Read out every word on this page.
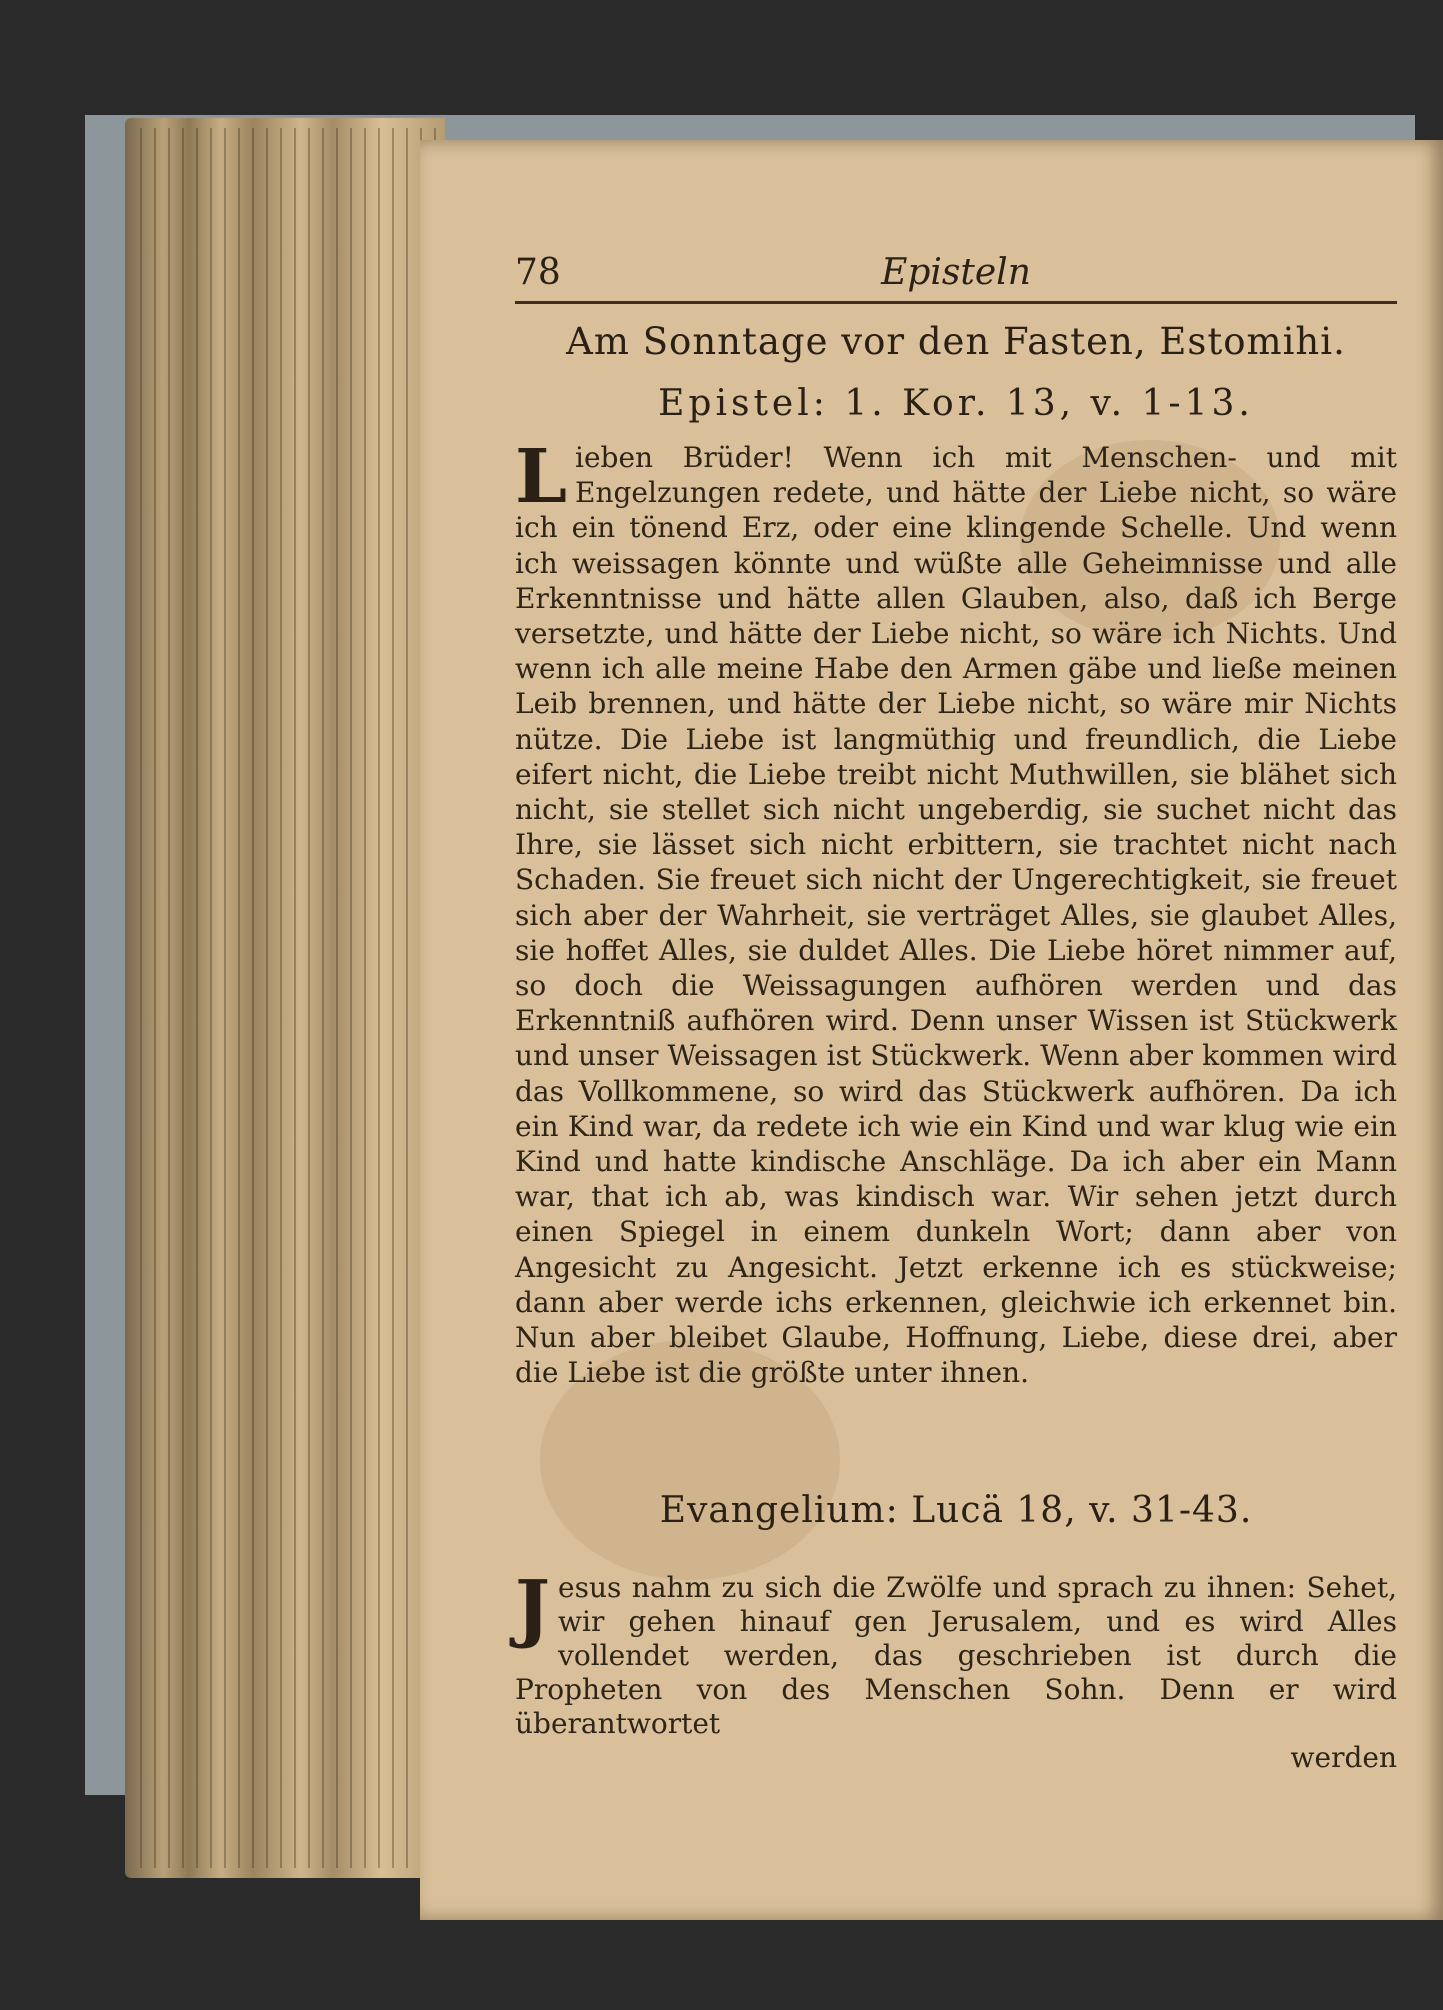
78	Episteln
Am Sonntage vor den Fasten, Estomihi.
Epistel: 1. Kor. 13, v. 1-13.
L ieben Brüder! Wenn ich mit Menschen- und mit Engelzungen redete, und hätte der Liebe nicht, so wäre ich ein tönend Erz, oder eine klingende Schelle. Und wenn ich weissagen könnte und wüßte alle Geheimnisse und alle Erkenntnisse und hätte allen Glauben, also, daß ich Berge versetzte, und hätte der Liebe nicht, so wäre ich Nichts. Und wenn ich alle meine Habe den Armen gäbe und ließe meinen Leib brennen, und hätte der Liebe nicht, so wäre mir Nichts nütze. Die Liebe ist langmüthig und freundlich, die Liebe eifert nicht, die Liebe treibt nicht Muthwillen, sie blähet sich nicht, sie stellet sich nicht ungeberdig, sie suchet nicht das Ihre, sie lässet sich nicht erbittern, sie trachtet nicht nach Schaden. Sie freuet sich nicht der Ungerechtigkeit, sie freuet sich aber der Wahrheit, sie verträget Alles, sie glaubet Alles, sie hoffet Alles, sie duldet Alles. Die Liebe höret nimmer auf, so doch die Weissagungen aufhören werden und das Erkenntniß aufhören wird. Denn unser Wissen ist Stückwerk und unser Weissagen ist Stückwerk. Wenn aber kommen wird das Vollkommene, so wird das Stückwerk aufhören. Da ich ein Kind war, da redete ich wie ein Kind und war klug wie ein Kind und hatte kindische Anschläge. Da ich aber ein Mann war, that ich ab, was kindisch war. Wir sehen jetzt durch einen Spiegel in einem dunkeln Wort; dann aber von Angesicht zu Angesicht. Jetzt erkenne ich es stückweise; dann aber werde ichs erkennen, gleichwie ich erkennet bin. Nun aber bleibet Glaube, Hoffnung, Liebe, diese drei, aber die Liebe ist die größte unter ihnen.
Evangelium: Lucä 18, v. 31-43.
J esus nahm zu sich die Zwölfe und sprach zu ihnen: Sehet, wir gehen hinauf gen Jerusalem, und es wird Alles vollendet werden, das geschrieben ist durch die Propheten von des Menschen Sohn. Denn er wird überantwortet
werden
